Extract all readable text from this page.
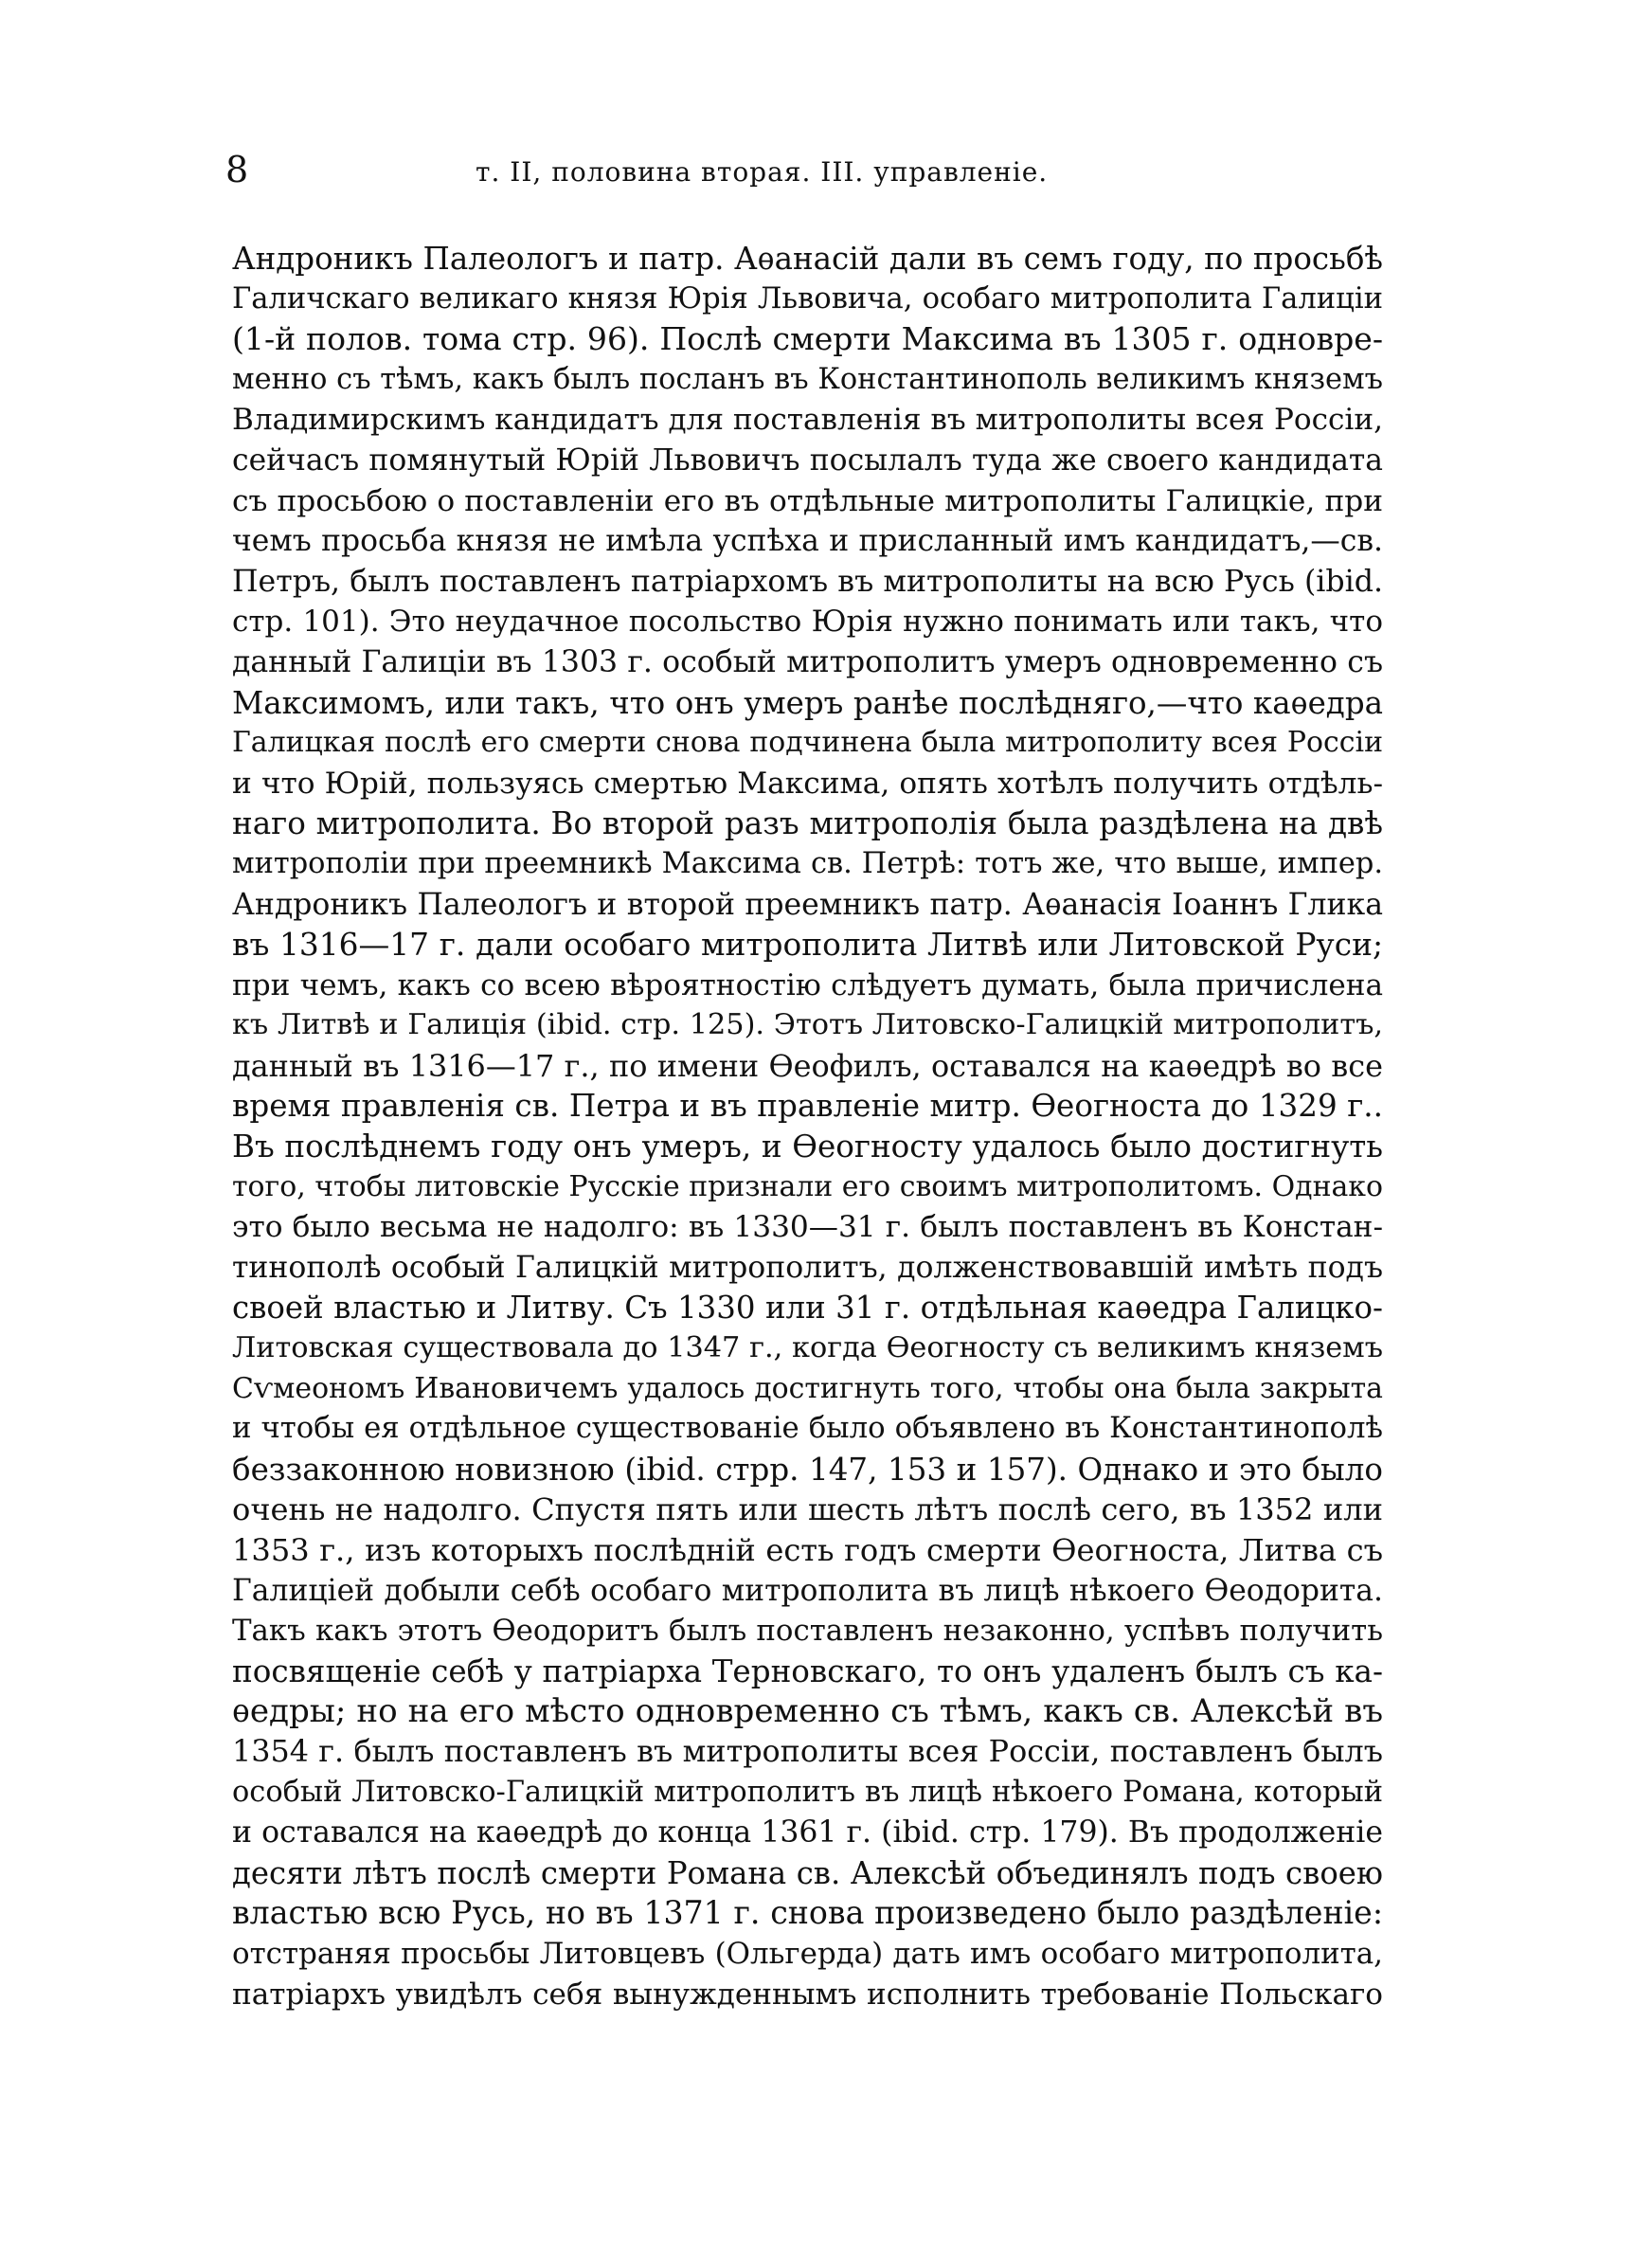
8	т. II, половина вторая. III. управленіе.
Андроникъ Палеологъ и патр. Аѳанасій дали въ семъ году, по просьбѣ
Галичскаго великаго князя Юрія Львовича, особаго митрополита Галиціи
(1-й полов. тома стр. 96). Послѣ смерти Максима въ 1305 г. одновре-
менно съ тѣмъ, какъ былъ посланъ въ Константинополь великимъ княземъ
Владимирскимъ кандидатъ для поставленія въ митрополиты всея Россіи,
сейчасъ помянутый Юрій Львовичъ посылалъ туда же своего кандидата
съ просьбою о поставленіи его въ отдѣльные митрополиты Галицкіе, при
чемъ просьба князя не имѣла успѣха и присланный имъ кандидатъ,—св.
Петръ, былъ поставленъ патріархомъ въ митрополиты на всю Русь (ibid.
стр. 101). Это неудачное посольство Юрія нужно понимать или такъ, что
данный Галиціи въ 1303 г. особый митрополитъ умеръ одновременно съ
Максимомъ, или такъ, что онъ умеръ ранѣе послѣдняго,—что каѳедра
Галицкая послѣ его смерти снова подчинена была митрополиту всея Россіи
и что Юрій, пользуясь смертью Максима, опять хотѣлъ получить отдѣль-
наго митрополита. Во второй разъ митрополія была раздѣлена на двѣ
митрополіи при преемникѣ Максима св. Петрѣ: тотъ же, что выше, импер.
Андроникъ Палеологъ и второй преемникъ патр. Аѳанасія Іоаннъ Глика
въ 1316—17 г. дали особаго митрополита Литвѣ или Литовской Руси;
при чемъ, какъ со всею вѣроятностію слѣдуетъ думать, была причислена
къ Литвѣ и Галиція (ibid. стр. 125). Этотъ Литовско-Галицкій митрополитъ,
данный въ 1316—17 г., по имени Ѳеофилъ, оставался на каѳедрѣ во все
время правленія св. Петра и въ правленіе митр. Ѳеогноста до 1329 г..
Въ послѣднемъ году онъ умеръ, и Ѳеогносту удалось было достигнуть
того, чтобы литовскіе Русскіе признали его своимъ митрополитомъ. Однако
это было весьма не надолго: въ 1330—31 г. былъ поставленъ въ Констан-
тинополѣ особый Галицкій митрополитъ, долженствовавшій имѣть подъ
своей властью и Литву. Съ 1330 или 31 г. отдѣльная каѳедра Галицко-
Литовская существовала до 1347 г., когда Ѳеогносту съ великимъ княземъ
Сѵмеономъ Ивановичемъ удалось достигнуть того, чтобы она была закрыта
и чтобы ея отдѣльное существованіе было объявлено въ Константинополѣ
беззаконною новизною (ibid. стрр. 147, 153 и 157). Однако и это было
очень не надолго. Спустя пять или шесть лѣтъ послѣ сего, въ 1352 или
1353 г., изъ которыхъ послѣдній есть годъ смерти Ѳеогноста, Литва съ
Галиціей добыли себѣ особаго митрополита въ лицѣ нѣкоего Ѳеодорита.
Такъ какъ этотъ Ѳеодоритъ былъ поставленъ незаконно, успѣвъ получить
посвященіе себѣ у патріарха Терновскаго, то онъ удаленъ былъ съ ка-
ѳедры; но на его мѣсто одновременно съ тѣмъ, какъ св. Алексѣй въ
1354 г. былъ поставленъ въ митрополиты всея Россіи, поставленъ былъ
особый Литовско-Галицкій митрополитъ въ лицѣ нѣкоего Романа, который
и оставался на каѳедрѣ до конца 1361 г. (ibid. стр. 179). Въ продолженіе
десяти лѣтъ послѣ смерти Романа св. Алексѣй объединялъ подъ своею
властью всю Русь, но въ 1371 г. снова произведено было раздѣленіе:
отстраняя просьбы Литовцевъ (Ольгерда) дать имъ особаго митрополита,
патріархъ увидѣлъ себя вынужденнымъ исполнить требованіе Польскаго
